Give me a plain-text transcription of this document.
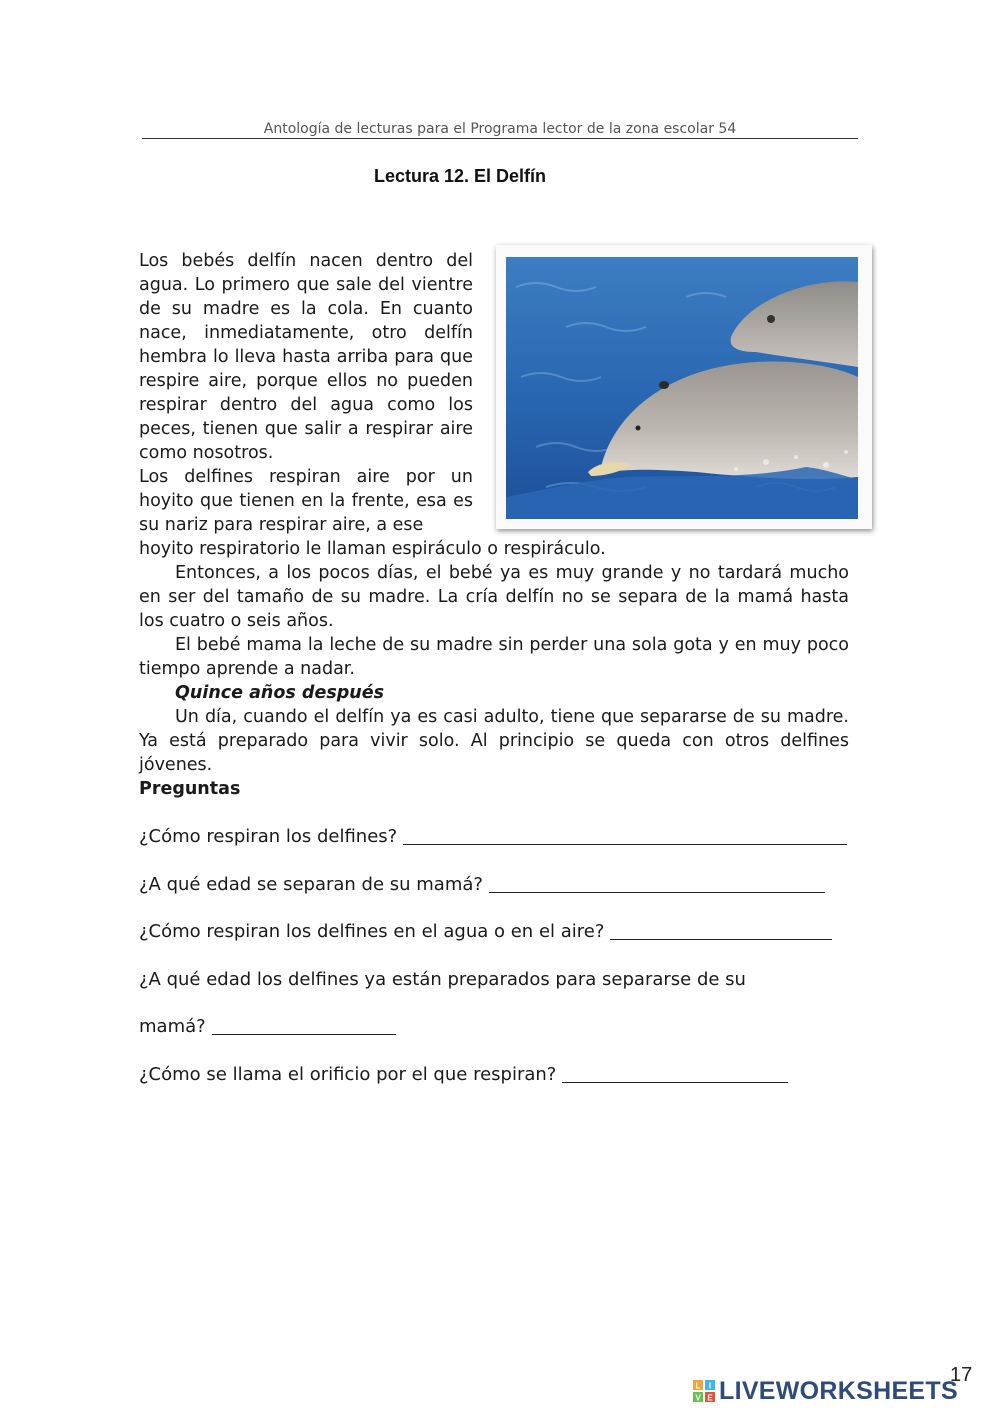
Antología de lecturas para el Programa lector de la zona escolar 54
Lectura 12. El Delfín

Los bebés delfín nacen dentro del agua. Lo primero que sale del vientre de su madre es la cola. En cuanto nace, inmediatamente, otro delfín hembra lo lleva hasta arriba para que respire aire, porque ellos no pueden respirar dentro del agua como los peces, tienen que salir a respirar aire como nosotros.

Los delfines respiran aire por un hoyito que tienen en la frente, esa es su nariz para respirar aire, a ese

hoyito respiratorio le llaman espiráculo o respiráculo.

Entonces, a los pocos días, el bebé ya es muy grande y no tardará mucho en ser del tamaño de su madre. La cría delfín no se separa de la mamá hasta los cuatro o seis años.

El bebé mama la leche de su madre sin perder una sola gota y en muy poco tiempo aprende a nadar.

Quince años después

Un día, cuando el delfín ya es casi adulto, tiene que separarse de su madre. Ya está preparado para vivir solo. Al principio se queda con otros delfines jóvenes.

Preguntas

¿Cómo respiran los delfines?
¿A qué edad se separan de su mamá?
¿Cómo respiran los delfines en el agua o en el aire?
¿A qué edad los delfines ya están preparados para separarse de su
mamá?
¿Cómo se llama el orificio por el que respiran?
17
L I
V E LIVEWORKSHEETS
